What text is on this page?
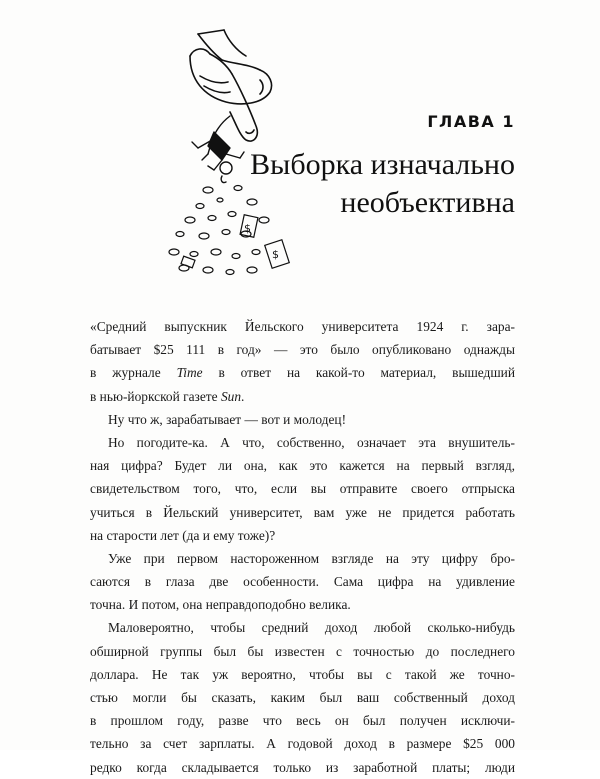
$
$
ГЛАВА 1
Выборка изначально
необъективна
«Средний выпускник Йельского университета 1924 г. зара-
батывает $25 111 в год» — это было опубликовано однажды
в журнале Time в ответ на какой-то материал, вышедший
в нью-йоркской газете Sun.
Ну что ж, зарабатывает — вот и молодец!
Но погодите-ка. А что, собственно, означает эта внушитель-
ная цифра? Будет ли она, как это кажется на первый взгляд,
свидетельством того, что, если вы отправите своего отпрыска
учиться в Йельский университет, вам уже не придется работать
на старости лет (да и ему тоже)?
Уже при первом настороженном взгляде на эту цифру бро-
саются в глаза две особенности. Сама цифра на удивление
точна. И потом, она неправдоподобно велика.
Маловероятно, чтобы средний доход любой сколько-нибудь
обширной группы был бы известен с точностью до последнего
доллара. Не так уж вероятно, чтобы вы с такой же точно-
стью могли бы сказать, каким был ваш собственный доход
в прошлом году, разве что весь он был получен исключи-
тельно за счет зарплаты. А годовой доход в размере $25 000
редко когда складывается только из заработной платы; люди
